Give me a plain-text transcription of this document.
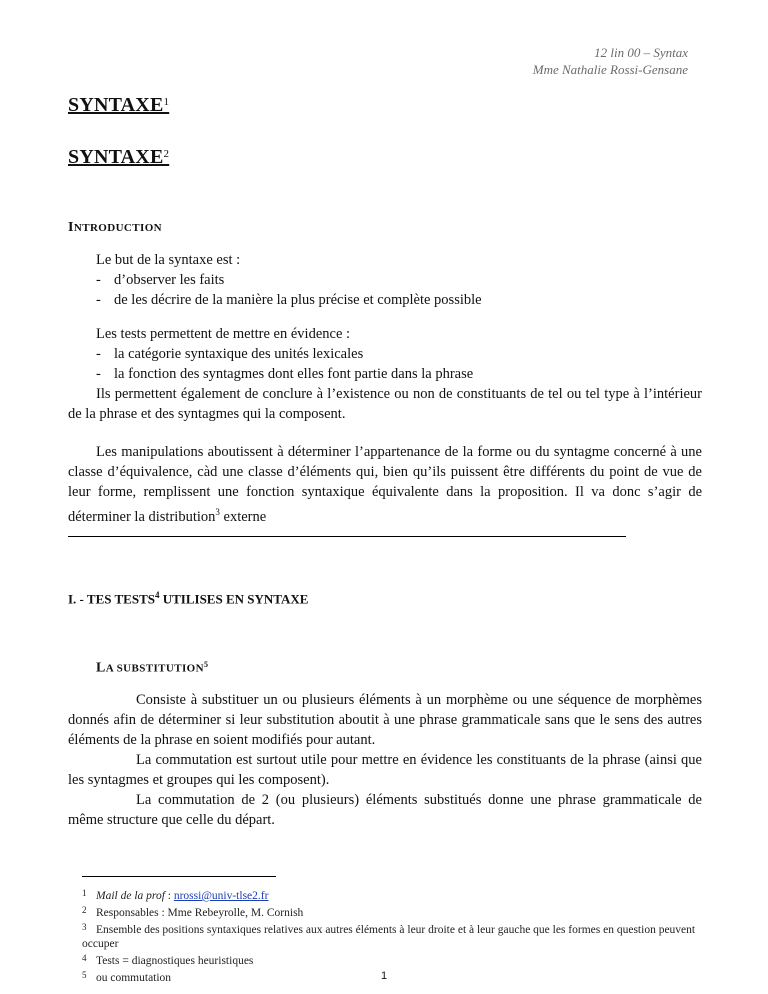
12 lin 00 – Syntax
Mme Nathalie Rossi-Gensane
SYNTAXE$^1$
SYNTAXE$^2$
INTRODUCTION

Le but de la syntaxe est :

- d’observer les faits

- de les décrire de la manière la plus précise et complète possible

Les tests permettent de mettre en évidence :

- la catégorie syntaxique des unités lexicales

- la fonction des syntagmes dont elles font partie dans la phrase

Ils permettent également de conclure à l’existence ou non de constituants de tel ou tel type à l’intérieur de la phrase et des syntagmes qui la composent.

Les manipulations aboutissent à déterminer l’appartenance de la forme ou du syntagme concerné à une classe d’équivalence, càd une classe d’éléments qui, bien qu’ils puissent être différents du point de vue de leur forme, remplissent une fonction syntaxique équivalente dans la proposition. Il va donc s’agir de déterminer la distribution$^3$ externe

I. - TES TESTS$^4$ UTILISES EN SYNTAXE
LA SUBSTITUTION$^5$

Consiste à substituer un ou plusieurs éléments à un morphème ou une séquence de morphèmes donnés afin de déterminer si leur substitution aboutit à une phrase grammaticale sans que le sens des autres éléments de la phrase en soient modifiés pour autant.

La commutation est surtout utile pour mettre en évidence les constituants de la phrase (ainsi que les syntagmes et groupes qui les composent).

La commutation de 2 (ou plusieurs) éléments substitués donne une phrase grammaticale de même structure que celle du départ.

1 Mail de la prof : nrossi@univ-tlse2.fr
2 Responsables : Mme Rebeyrolle, M. Cornish
3 Ensemble des positions syntaxiques relatives aux autres éléments à leur droite et à leur gauche que les formes en question peuvent occuper
4 Tests = diagnostiques heuristiques
5 ou commutation	1
